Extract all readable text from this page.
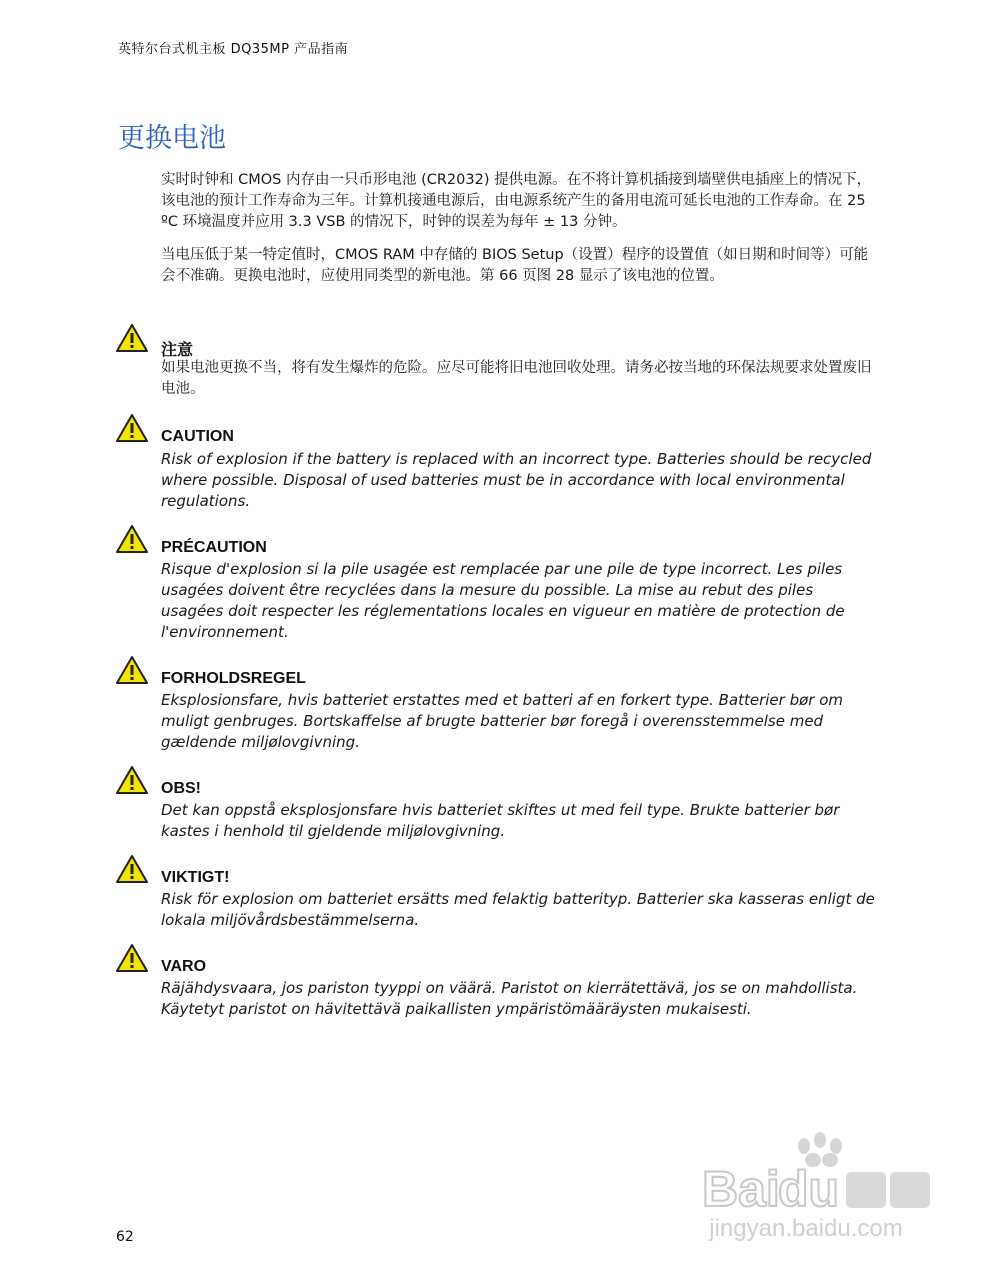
英特尔台式机主板 DQ35MP 产品指南
更换电池

实时时钟和 CMOS 内存由一只币形电池 (CR2032) 提供电源。在不将计算机插接到墙壁供电插座上的情况下，该电池的预计工作寿命为三年。计算机接通电源后，由电源系统产生的备用电流可延长电池的工作寿命。在 25 ºC 环境温度并应用 3.3 VSB 的情况下，时钟的误差为每年 ± 13 分钟。

当电压低于某一特定值时，CMOS RAM 中存储的 BIOS Setup（设置）程序的设置值（如日期和时间等）可能会不准确。更换电池时，应使用同类型的新电池。第 66 页图 28 显示了该电池的位置。

注意

如果电池更换不当，将有发生爆炸的危险。应尽可能将旧电池回收处理。请务必按当地的环保法规要求处置废旧电池。

CAUTION

Risk of explosion if the battery is replaced with an incorrect type. Batteries should be recycled where possible. Disposal of used batteries must be in accordance with local environmental regulations.

PRÉCAUTION

Risque d'explosion si la pile usagée est remplacée par une pile de type incorrect. Les piles usagées doivent être recyclées dans la mesure du possible. La mise au rebut des piles usagées doit respecter les réglementations locales en vigueur en matière de protection de l'environnement.

FORHOLDSREGEL

Eksplosionsfare, hvis batteriet erstattes med et batteri af en forkert type. Batterier bør om muligt genbruges. Bortskaffelse af brugte batterier bør foregå i overensstemmelse med gældende miljølovgivning.

OBS!

Det kan oppstå eksplosjonsfare hvis batteriet skiftes ut med feil type. Brukte batterier bør kastes i henhold til gjeldende miljølovgivning.

VIKTIGT!

Risk för explosion om batteriet ersätts med felaktig batterityp. Batterier ska kasseras enligt de lokala miljövårdsbestämmelserna.

VARO

Räjähdysvaara, jos pariston tyyppi on väärä. Paristot on kierrätettävä, jos se on mahdollista. Käytetyt paristot on hävitettävä paikallisten ympäristömääräysten mukaisesti.

62
Bai
du
jingyan.baidu.com
